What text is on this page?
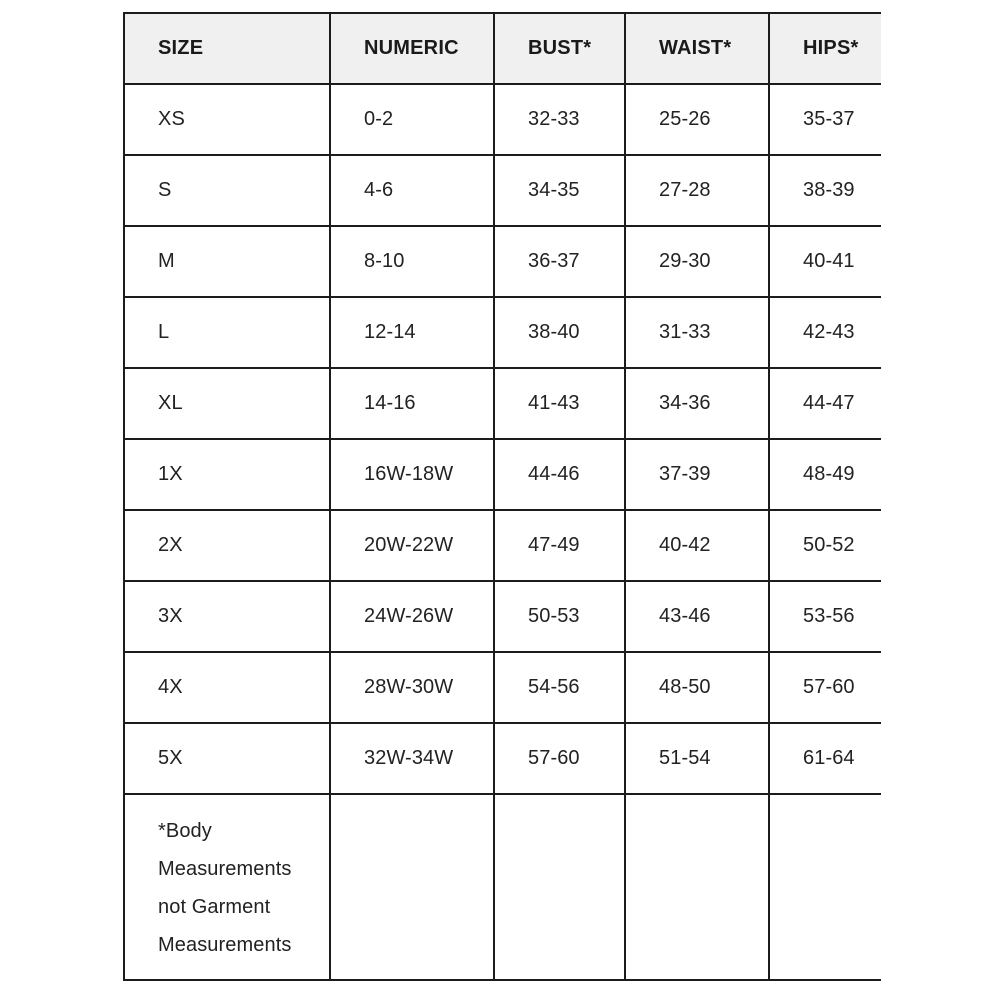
SIZE	NUMERIC	BUST*	WAIST*	HIPS*
XS	0-2	32-33	25-26	35-37
S	4-6	34-35	27-28	38-39
M	8-10	36-37	29-30	40-41
L	12-14	38-40	31-33	42-43
XL	14-16	41-43	34-36	44-47
1X	16W-18W	44-46	37-39	48-49
2X	20W-22W	47-49	40-42	50-52
3X	24W-26W	50-53	43-46	53-56
4X	28W-30W	54-56	48-50	57-60
5X	32W-34W	57-60	51-54	61-64

*Body
Measurements
not Garment
Measurements				
